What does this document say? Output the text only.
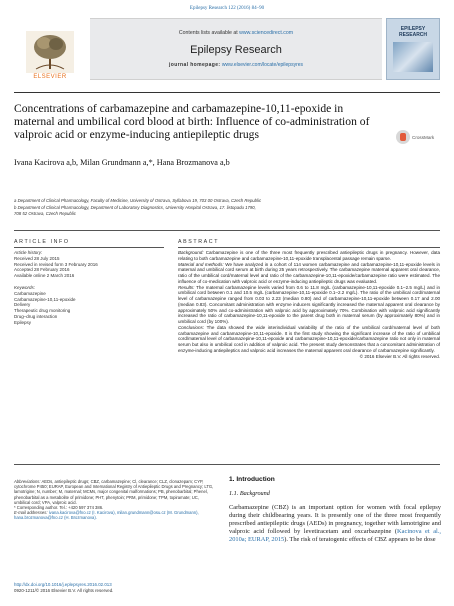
Epilepsy Research 122 (2016) 84–90
ELSEVIER
Contents lists available at www.sciencedirect.com
Epilepsy Research
journal homepage: www.elsevier.com/locate/epilepsyres
EPILEPSY RESEARCH
Concentrations of carbamazepine and carbamazepine-10,11-epoxide in maternal and umbilical cord blood at birth: Influence of co-administration of valproic acid or enzyme-inducing antiepileptic drugs	CrossMark
Ivana Kacirova a,b, Milan Grundmann a,*, Hana Brozmanova a,b
a Department of Clinical Pharmacology, Faculty of Medicine, University of Ostrava, Syllabova 19, 703 00 Ostrava, Czech Republic
b Department of Clinical Pharmacology, Department of Laboratory Diagnostics, University Hospital Ostrava, 17. listopadu 1790,
708 52 Ostrava, Czech Republic
ARTICLE INFO	ABSTRACT
Article history:
Received 28 July 2015
Received in revised form 3 February 2016
Accepted 28 February 2016
Available online 2 March 2016
Keywords:
Carbamazepine
Carbamazepine-10,11-epoxide
Delivery
Therapeutic drug monitoring
Drug–drug interaction
Epilepsy

Background: Carbamazepine is one of the three most frequently prescribed antiepileptic drugs in pregnancy. However, data relating to both carbamazepine and carbamazepine-10,11-epoxide transplacental passage remain sparse.

Material and methods: We have analyzed in a cohort of 114 women carbamazepine and carbamazepine-10,11-epoxide levels in maternal and umbilical cord serum at birth during 25 years retrospectively. The carbamazepine maternal apparent oral clearance, ratio of the umbilical cord/maternal level and ratio of the carbamazepine-10,11-epoxide/carbamazepine ratio were estimated. The influence of co-medication with valproic acid or enzyme-inducing antiepileptic drugs was evaluated.

Results: The maternal carbamazepine levels varied from 0.6 to 11.8 mg/L (carbamazepine-10,11-epoxide 0.1–2.5 mg/L) and in umbilical cord between 0.1 and 10.5 mg/L (carbamazepine-10,11-epoxide 0.1–2.2 mg/L). The ratio of the umbilical cord/maternal level of carbamazepine ranged from 0.03 to 2.23 (median 0.80) and of carbamazepine-10,11-epoxide between 0.17 and 2.00 (median 0.83). Concomitant administration with enzyme inducers significantly increased the maternal apparent oral clearance by approximately 50% and co-administration with valproic acid by approximately 70%. Combination with valproic acid significantly increased the ratio of carbamazepine-10,11-epoxide to the parent drug both in maternal serum (by approximately 80%) and in umbilical cord (by 100%).

Conclusions: The data showed the wide interindividual variability of the ratio of the umbilical cord/maternal level of both carbamazepine and carbamazepine-10,11-epoxide. It is the first study showing the significant increase of the ratio of umbilical cord/maternal level of carbamazepine-10,11-epoxide and carbamazepine-10,11-epoxide/carbamazepine ratio not only in maternal serum but also in umbilical cord in addition of valproic acid. The present study demonstrates that a concomitant administration of enzyme-inducing antiepileptics and valproic acid increases the maternal apparent oral clearance of carbamazepine significantly.

© 2016 Elsevier B.V. All rights reserved.

Abbreviations: AEDs, antiepileptic drugs; CBZ, carbamazepine; Cl, clearance; CLZ, clonazepam; CYP, cytochrome P450; EURAP, European and International Registry of Antiepileptic Drugs and Pregnancy; LTG, lamotrigine; N, number; M, maternal; MCMs, major congenital malformations; PB, phenobarbital; Phenel, phenobarbital as a metabolite of primidone; PHT, phenytoin; PRM, primidone; TPM, topiramate; UC, umbilical cord; VPA, valproic acid.
* Corresponding author. Tel.: +420 597 374 386.
E-mail addresses: ivana.kacirova@fno.cz (I. Kacirova), milan.grundmann@osu.cz (M. Grundmann), hana.brozmanova@fno.cz (H. Brozmanova).
1. Introduction
1.1. Background
Carbamazepine (CBZ) is an important option for women with focal epilepsy during their childbearing years. It is presently one of the three most frequently prescribed antiepileptic drugs (AEDs) in pregnancy, together with lamotrigine and valproic acid followed by levetiracetam and oxcarbazepine (Kacinova et al., 2010a; EURAP, 2015). The risk of teratogenic effects of CBZ appears to be dose
http://dx.doi.org/10.1016/j.eplepsyres.2016.02.013
0920-1211/© 2016 Elsevier B.V. All rights reserved.
